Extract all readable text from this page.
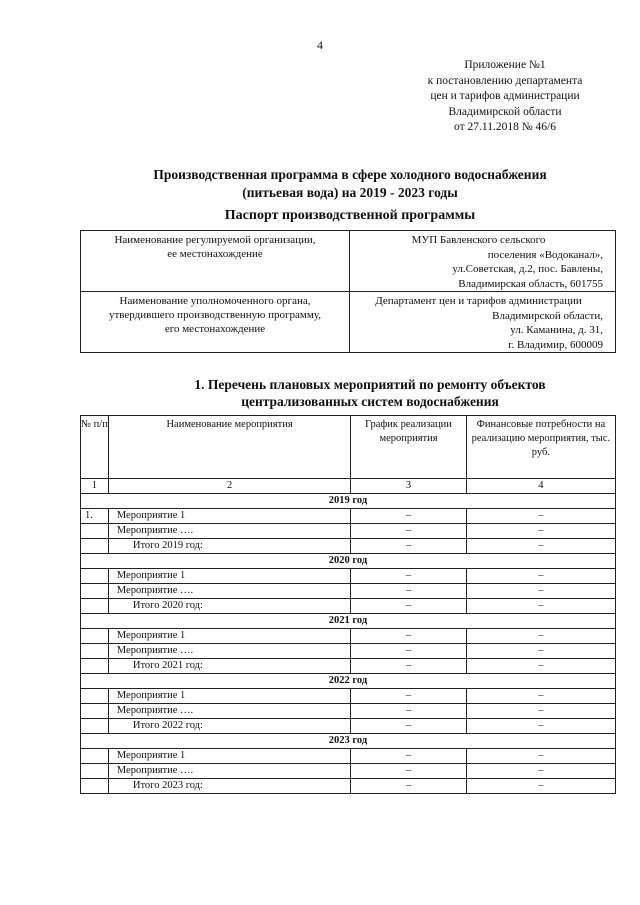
4
Приложение №1
к постановлению департамента
цен и тарифов администрации
Владимирской области
от 27.11.2018 № 46/6
Производственная программа в сфере холодного водоснабжения
(питьевая вода) на 2019 - 2023 годы
Паспорт производственной программы
Наименование регулируемой организации,
ее местонахождение	МУП Бавленского сельского
поселения «Водоканал»,
ул.Советская, д.2, пос. Бавлены,
Владимирская область, 601755

Наименование уполномоченного органа,
утвердившего производственную программу,
его местонахождение	Департамент цен и тарифов администрации
Владимирской области,
ул. Каманина, д. 31,
г. Владимир, 600009
1. Перечень плановых мероприятий по ремонту объектов
централизованных систем водоснабжения
№ п/п	Наименование мероприятия	График реализации мероприятия	Финансовые потребности на реализацию мероприятия, тыс. руб.
1	2	3	4
2019 год			
1.	Мероприятие 1	–	–
	Мероприятие ….	–	–
	Итого 2019 год:	–	–
2020 год			
	Мероприятие 1	–	–
	Мероприятие ….	–	–
	Итого 2020 год:	–	–
2021 год			
	Мероприятие 1	–	–
	Мероприятие ….	–	–
	Итого 2021 год:	–	–
2022 год			
	Мероприятие 1	–	–
	Мероприятие ….	–	–
	Итого 2022 год:	–	–
2023 год			
	Мероприятие 1	–	–
	Мероприятие ….	–	–
	Итого 2023 год:	–	–
